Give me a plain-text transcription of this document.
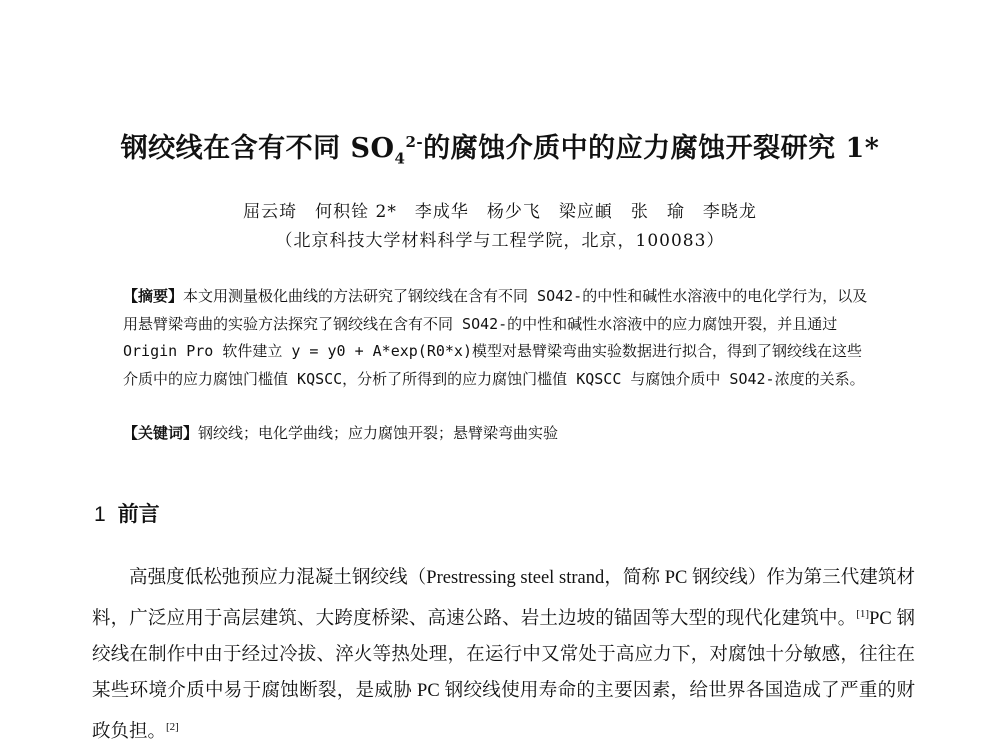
钢绞线在含有不同 $SO_4^{2-}$的腐蚀介质中的应力腐蚀开裂研究 1*
屈云琦　何积铨 2*　李成华　杨少飞　梁应頔　张　瑜　李晓龙
（北京科技大学材料科学与工程学院，北京，100083）
【摘要】本文用测量极化曲线的方法研究了钢绞线在含有不同 SO42-的中性和碱性水溶液中的电化学行为，以及用悬臂梁弯曲的实验方法探究了钢绞线在含有不同 SO42-的中性和碱性水溶液中的应力腐蚀开裂，并且通过 Origin Pro 软件建立 y = y0 + A*exp(R0*x)模型对悬臂梁弯曲实验数据进行拟合，得到了钢绞线在这些介质中的应力腐蚀门槛值 KQSCC，分析了所得到的应力腐蚀门槛值 KQSCC 与腐蚀介质中 SO42-浓度的关系。
【关键词】钢绞线；电化学曲线；应力腐蚀开裂；悬臂梁弯曲实验
1 前言
高强度低松弛预应力混凝土钢绞线（Prestressing steel strand，简称 PC 钢绞线）作为第三代建筑材料，广泛应用于高层建筑、大跨度桥梁、高速公路、岩土边坡的锚固等大型的现代化建筑中。[1]PC 钢绞线在制作中由于经过冷拔、淬火等热处理，在运行中又常处于高应力下，对腐蚀十分敏感，往往在某些环境介质中易于腐蚀断裂，是威胁 PC 钢绞线使用寿命的主要因素，给世界各国造成了严重的财政负担。[2]
